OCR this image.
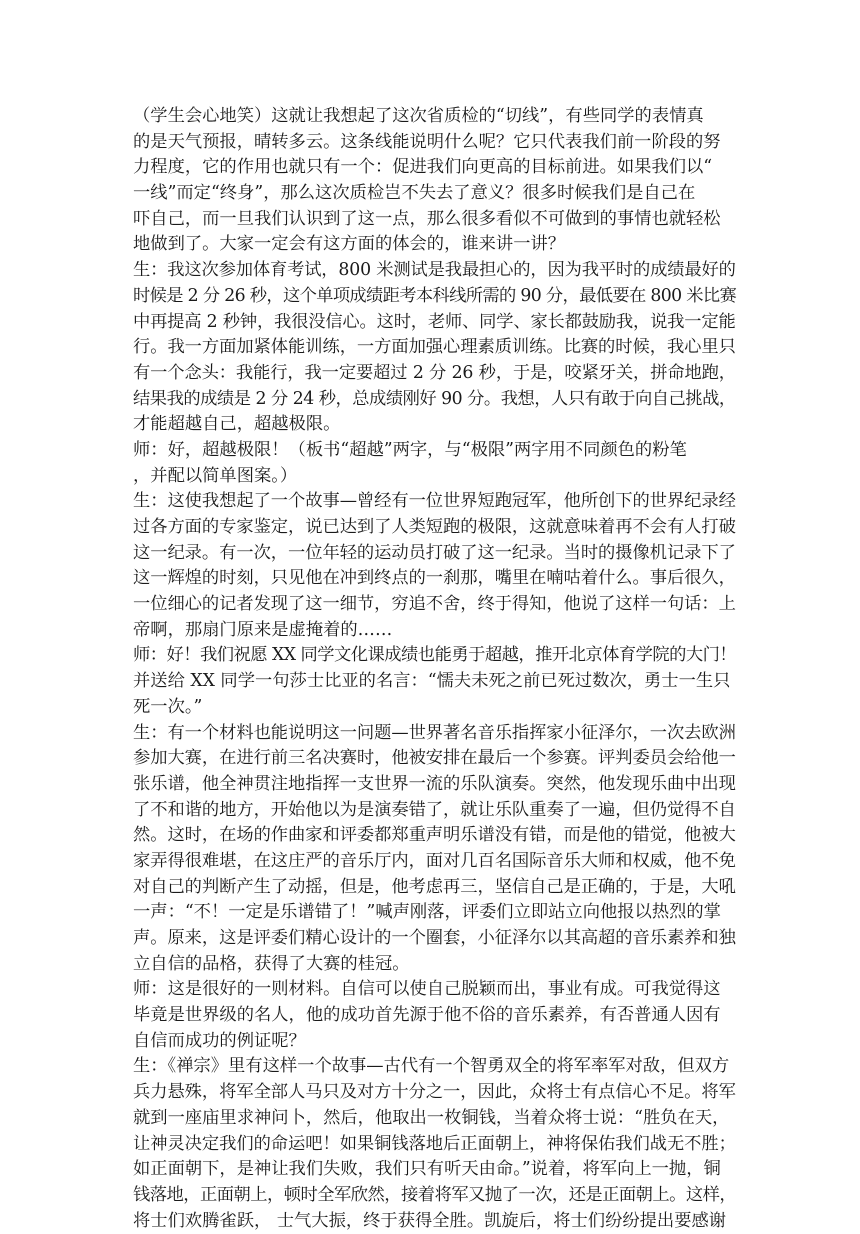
（学生会心地笑）这就让我想起了这次省质检的“切线”，有些同学的表情真
的是天气预报，晴转多云。这条线能说明什么呢？它只代表我们前一阶段的努
力程度，它的作用也就只有一个：促进我们向更高的目标前进。如果我们以“
一线”而定“终身”，那么这次质检岂不失去了意义？很多时候我们是自己在
吓自己，而一旦我们认识到了这一点，那么很多看似不可做到的事情也就轻松
地做到了。大家一定会有这方面的体会的，谁来讲一讲？
生：我这次参加体育考试，800 米测试是我最担心的，因为我平时的成绩最好的
时候是 2 分 26 秒，这个单项成绩距考本科线所需的 90 分，最低要在 800 米比赛
中再提高 2 秒钟，我很没信心。这时，老师、同学、家长都鼓励我，说我一定能
行。我一方面加紧体能训练，一方面加强心理素质训练。比赛的时候，我心里只
有一个念头：我能行，我一定要超过 2 分 26 秒，于是，咬紧牙关，拼命地跑，
结果我的成绩是 2 分 24 秒，总成绩刚好 90 分。我想，人只有敢于向自己挑战，
才能超越自己，超越极限。
师：好，超越极限！（板书“超越”两字，与“极限”两字用不同颜色的粉笔
，并配以简单图案。）
生：这使我想起了一个故事—曾经有一位世界短跑冠军，他所创下的世界纪录经
过各方面的专家鉴定，说已达到了人类短跑的极限，这就意味着再不会有人打破
这一纪录。有一次，一位年轻的运动员打破了这一纪录。当时的摄像机记录下了
这一辉煌的时刻，只见他在冲到终点的一刹那，嘴里在喃咕着什么。事后很久，
一位细心的记者发现了这一细节，穷追不舍，终于得知，他说了这样一句话：上
帝啊，那扇门原来是虚掩着的……
师：好！我们祝愿 XX 同学文化课成绩也能勇于超越，推开北京体育学院的大门！
并送给 XX 同学一句莎士比亚的名言：“懦夫未死之前已死过数次，勇士一生只
死一次。”
生：有一个材料也能说明这一问题—世界著名音乐指挥家小征泽尔，一次去欧洲
参加大赛，在进行前三名决赛时，他被安排在最后一个参赛。评判委员会给他一
张乐谱，他全神贯注地指挥一支世界一流的乐队演奏。突然，他发现乐曲中出现
了不和谐的地方，开始他以为是演奏错了，就让乐队重奏了一遍，但仍觉得不自
然。这时，在场的作曲家和评委都郑重声明乐谱没有错，而是他的错觉，他被大
家弄得很难堪，在这庄严的音乐厅内，面对几百名国际音乐大师和权威，他不免
对自己的判断产生了动摇，但是，他考虑再三，坚信自己是正确的，于是，大吼
一声：“不！一定是乐谱错了！”喊声刚落，评委们立即站立向他报以热烈的掌
声。原来，这是评委们精心设计的一个圈套，小征泽尔以其高超的音乐素养和独
立自信的品格，获得了大赛的桂冠。
师：这是很好的一则材料。自信可以使自己脱颖而出，事业有成。可我觉得这
毕竟是世界级的名人，他的成功首先源于他不俗的音乐素养，有否普通人因有
自信而成功的例证呢？
生：《禅宗》里有这样一个故事—古代有一个智勇双全的将军率军对敌，但双方
兵力悬殊，将军全部人马只及对方十分之一，因此，众将士有点信心不足。将军
就到一座庙里求神问卜，然后，他取出一枚铜钱，当着众将士说：“胜负在天，
让神灵决定我们的命运吧！如果铜钱落地后正面朝上，神将保佑我们战无不胜；
如正面朝下，是神让我们失败，我们只有听天由命。”说着，将军向上一抛，铜
钱落地，正面朝上，顿时全军欣然，接着将军又抛了一次，还是正面朝上。这样，
将士们欢腾雀跃， 士气大振，终于获得全胜。凯旋后，将士们纷纷提出要感谢
